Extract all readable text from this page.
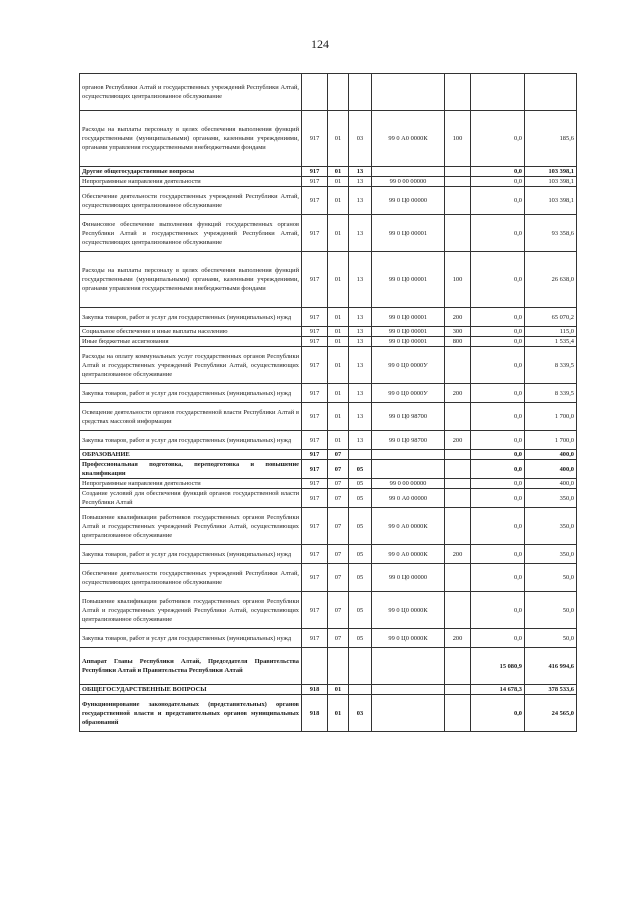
124
органов Республики Алтай и государственных учреждений Республики Алтай, осуществляющих централизованное обслуживание							
Расходы на выплаты персоналу в целях обеспечения выполнения функций государственными (муниципальными) органами, казенными учреждениями, органами управления государственными внебюджетными фондами	917	01	03	99 0 А0 0000К	100	0,0	185,6
Другие общегосударственные вопросы	917	01	13			0,0	103 398,1
Непрограммные направления деятельности	917	01	13	99 0 00 00000		0,0	103 398,1
Обеспечение деятельности государственных учреждений Республики Алтай, осуществляющих централизованное обслуживание	917	01	13	99 0 Ц0 00000		0,0	103 398,1
Финансовое обеспечение выполнения функций государственных органов Республики Алтай и государственных учреждений Республики Алтай, осуществляющих централизованное обслуживание	917	01	13	99 0 Ц0 00001		0,0	93 358,6
Расходы на выплаты персоналу в целях обеспечения выполнения функций государственными (муниципальными) органами, казенными учреждениями, органами управления государственными внебюджетными фондами	917	01	13	99 0 Ц0 00001	100	0,0	26 638,0
Закупка товаров, работ и услуг для государственных (муниципальных) нужд	917	01	13	99 0 Ц0 00001	200	0,0	65 070,2
Социальное обеспечение и иные выплаты населению	917	01	13	99 0 Ц0 00001	300	0,0	115,0
Иные бюджетные ассигнования	917	01	13	99 0 Ц0 00001	800	0,0	1 535,4
Расходы на оплату коммунальных услуг государственных органов Республики Алтай и государственных учреждений Республики Алтай, осуществляющих централизованное обслуживание	917	01	13	99 0 Ц0 0000У		0,0	8 339,5
Закупка товаров, работ и услуг для государственных (муниципальных) нужд	917	01	13	99 0 Ц0 0000У	200	0,0	8 339,5
Освещение деятельности органов государственной власти Республики Алтай в средствах массовой информации	917	01	13	99 0 Ц0 98700		0,0	1 700,0
Закупка товаров, работ и услуг для государственных (муниципальных) нужд	917	01	13	99 0 Ц0 98700	200	0,0	1 700,0
ОБРАЗОВАНИЕ	917	07				0,0	400,0
Профессиональная подготовка, переподготовка и повышение квалификации	917	07	05			0,0	400,0
Непрограммные направления деятельности	917	07	05	99 0 00 00000		0,0	400,0
Создание условий для обеспечения функций органов государственной власти Республики Алтай	917	07	05	99 0 А0 00000		0,0	350,0
Повышение квалификации работников государственных органов Республики Алтай и государственных учреждений Республики Алтай, осуществляющих централизованное обслуживание	917	07	05	99 0 А0 0000К		0,0	350,0
Закупка товаров, работ и услуг для государственных (муниципальных) нужд	917	07	05	99 0 А0 0000К	200	0,0	350,0
Обеспечение деятельности государственных учреждений Республики Алтай, осуществляющих централизованное обслуживание	917	07	05	99 0 Ц0 00000		0,0	50,0
Повышение квалификации работников государственных органов Республики Алтай и государственных учреждений Республики Алтай, осуществляющих централизованное обслуживание	917	07	05	99 0 Ц0 0000К		0,0	50,0
Закупка товаров, работ и услуг для государственных (муниципальных) нужд	917	07	05	99 0 Ц0 0000К	200	0,0	50,0
Аппарат Главы Республики Алтай, Председателя Правительства Республики Алтай и Правительства Республики Алтай						15 080,9	416 994,6
ОБЩЕГОСУДАРСТВЕННЫЕ ВОПРОСЫ	918	01				14 678,3	378 533,6
Функционирование законодательных (представительных) органов государственной власти и представительных органов муниципальных образований	918	01	03			0,0	24 565,0
